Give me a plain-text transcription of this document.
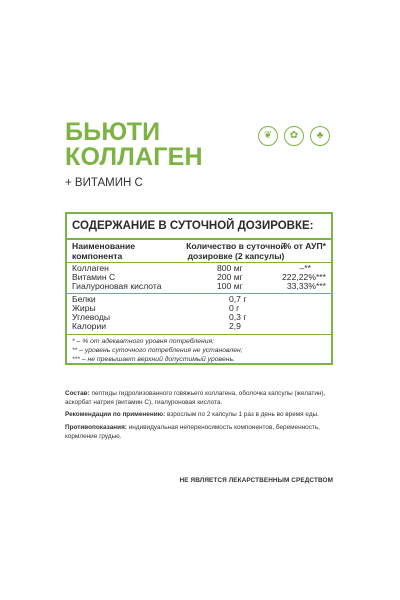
БЬЮТИ
КОЛЛАГЕН
+ ВИТАМИН С
❦	✿	♣
СОДЕРЖАНИЕ В СУТОЧНОЙ ДОЗИРОВКЕ:
Наименование
компонента
Количество в суточной
дозировке (2 капсулы)
% от АУП*
Коллаген	800 мг	–**
Витамин С	200 мг	222,22%***
Гиалуроновая кислота	100 мг	33,33%***
Белки	0,7 г
Жиры	0 г
Углеводы	0,3 г
Калории	2,9
* – % от адекватного уровня потребления;
** – уровень суточного потребления не установлен;
*** – не превышает верхний допустимый уровень.

Состав: пептиды гидролизованного говяжьего коллагена, оболочка капсулы (желатин), аскорбат натрия (витамин С), гиалуроновая кислота.

Рекомендации по применению: взрослым по 2 капсулы 1 раз в день во время еды.

Противопоказания: индивидуальная непереносимость компонентов, беременность, кормление грудью.

НЕ ЯВЛЯЕТСЯ ЛЕКАРСТВЕННЫМ СРЕДСТВОМ
